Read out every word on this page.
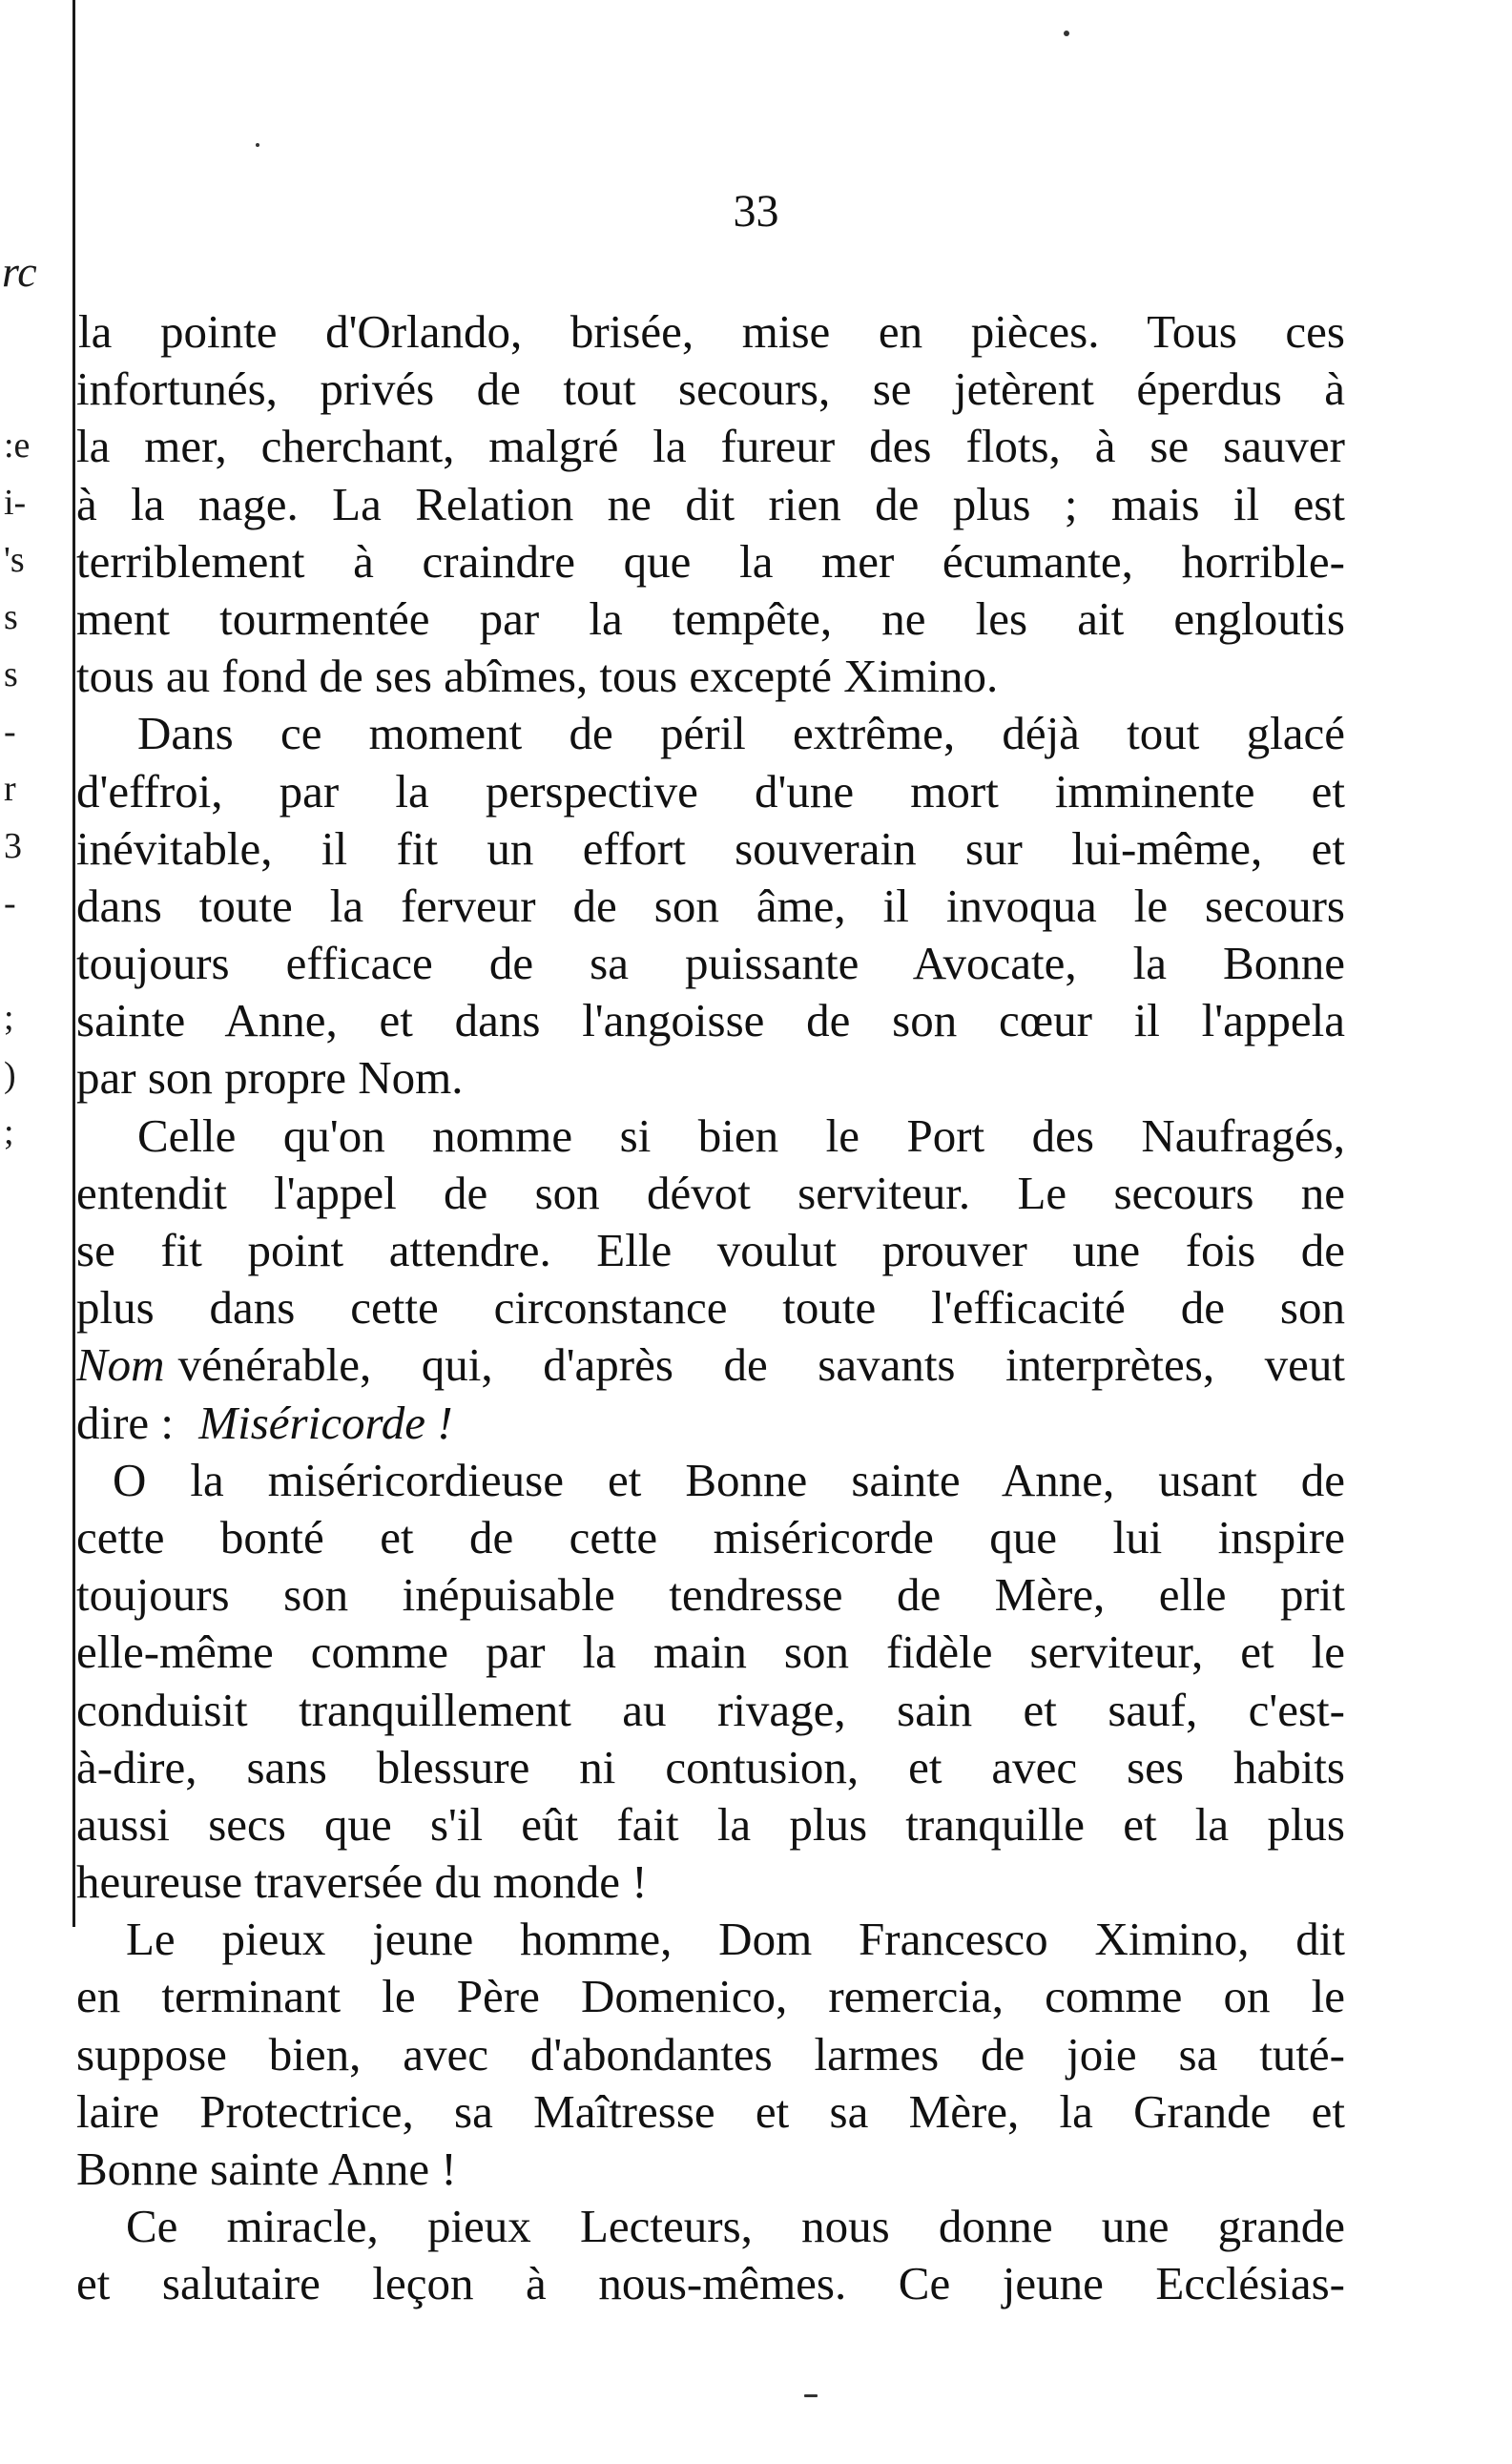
rc
:e
i-
's
s
s
-
r
3
-
;
)
;
33
la pointe d'Orlando, brisée, mise en pièces. Tous ces
infortunés, privés de tout secours, se jetèrent éperdus à
la mer, cherchant, malgré la fureur des flots, à se sauver
à la nage. La Relation ne dit rien de plus ; mais il est
terriblement à craindre que la mer écumante, horrible-
ment tourmentée par la tempête, ne les ait engloutis
tous au fond de ses abîmes, tous excepté Ximino.
Dans ce moment de péril extrême, déjà tout glacé
d'effroi, par la perspective d'une mort imminente et
inévitable, il fit un effort souverain sur lui-même, et
dans toute la ferveur de son âme, il invoqua le secours
toujours efficace de sa puissante Avocate, la Bonne
sainte Anne, et dans l'angoisse de son cœur il l'appela
par son propre Nom.
Celle qu'on nomme si bien le Port des Naufragés,
entendit l'appel de son dévot serviteur. Le secours ne
se fit point attendre. Elle voulut prouver une fois de
plus dans cette circonstance toute l'efficacité de son
Nom vénérable, qui, d'après de savants interprètes, veut
dire : Miséricorde !
O la miséricordieuse et Bonne sainte Anne, usant de
cette bonté et de cette miséricorde que lui inspire
toujours son inépuisable tendresse de Mère, elle prit
elle-même comme par la main son fidèle serviteur, et le
conduisit tranquillement au rivage, sain et sauf, c'est-
à-dire, sans blessure ni contusion, et avec ses habits
aussi secs que s'il eût fait la plus tranquille et la plus
heureuse traversée du monde !
Le pieux jeune homme, Dom Francesco Ximino, dit
en terminant le Père Domenico, remercia, comme on le
suppose bien, avec d'abondantes larmes de joie sa tuté-
laire Protectrice, sa Maîtresse et sa Mère, la Grande et
Bonne sainte Anne !
Ce miracle, pieux Lecteurs, nous donne une grande
et salutaire leçon à nous-mêmes. Ce jeune Ecclésias-
